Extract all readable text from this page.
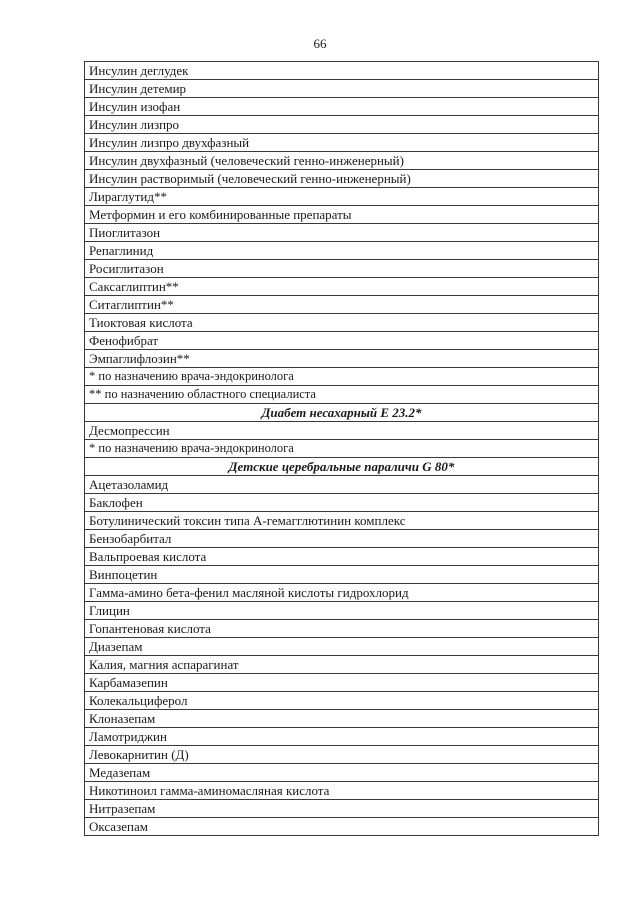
66
Инсулин деглудек
Инсулин детемир
Инсулин изофан
Инсулин лизпро
Инсулин лизпро двухфазный
Инсулин двухфазный (человеческий генно-инженерный)
Инсулин растворимый (человеческий генно-инженерный)
Лираглутид**
Метформин и его комбинированные препараты
Пиоглитазон
Репаглинид
Росиглитазон
Саксаглиптин**
Ситаглиптин**
Тиоктовая кислота
Фенофибрат
Эмпаглифлозин**
* по назначению врача-эндокринолога
** по назначению областного специалиста
Диабет несахарный Е 23.2*
Десмопрессин
* по назначению врача-эндокринолога
Детские церебральные параличи G 80*
Ацетазоламид
Баклофен
Ботулинический токсин типа А-гемагглютинин комплекс
Бензобарбитал
Вальпроевая кислота
Винпоцетин
Гамма-амино бета-фенил масляной кислоты гидрохлорид
Глицин
Гопантеновая кислота
Диазепам
Калия, магния аспарагинат
Карбамазепин
Колекальциферол
Клоназепам
Ламотриджин
Левокарнитин (Д)
Медазепам
Никотиноил гамма-аминомасляная кислота
Нитразепам
Оксазепам
